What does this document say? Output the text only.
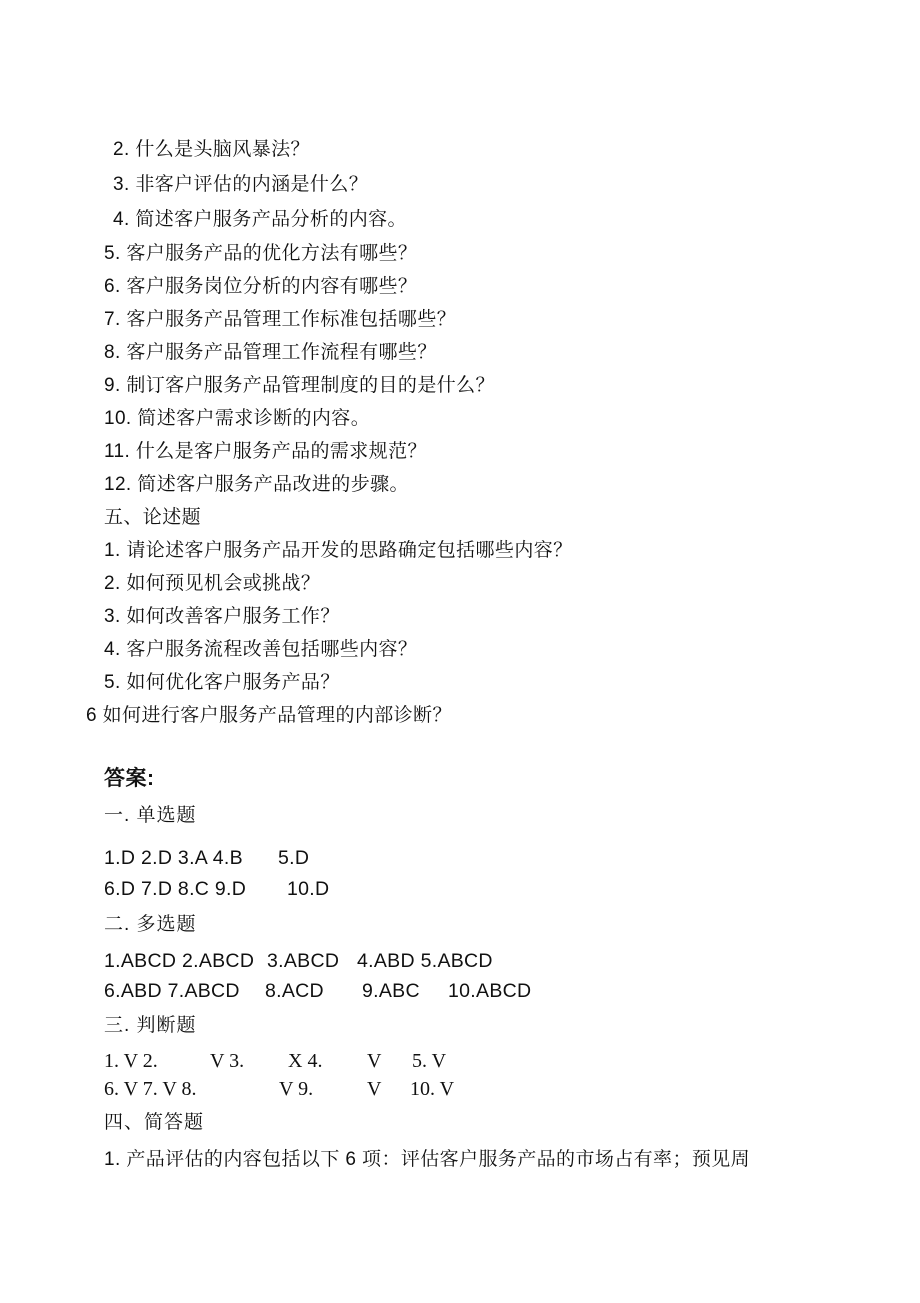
2. 什么是头脑风暴法？
3. 非客户评估的内涵是什么？
4. 简述客户服务产品分析的内容。
5. 客户服务产品的优化方法有哪些？
6. 客户服务岗位分析的内容有哪些？
7. 客户服务产品管理工作标准包括哪些？
8. 客户服务产品管理工作流程有哪些？
9. 制订客户服务产品管理制度的目的是什么？
10. 简述客户需求诊断的内容。
11. 什么是客户服务产品的需求规范？
12. 简述客户服务产品改进的步骤。
五、论述题
1. 请论述客户服务产品开发的思路确定包括哪些内容？
2. 如何预见机会或挑战？
3. 如何改善客户服务工作？
4. 客户服务流程改善包括哪些内容？
5. 如何优化客户服务产品？
6 如何进行客户服务产品管理的内部诊断？
答案:
一. 单选题
1.D 2.D 3.A 4.B 5.D
6.D 7.D 8.C 9.D 10.D
二. 多选题
1.ABCD 2.ABCD 3.ABCD 4.ABD 5.ABCD
6.ABD 7.ABCD 8.ACD 9.ABC 10.ABCD
三. 判断题
1. V 2.	V 3. X 4. V 5. V
6. V 7. V 8.	V 9.	V 10. V
四、简答题
1. 产品评估的内容包括以下 6 项：评估客户服务产品的市场占有率；预见周
